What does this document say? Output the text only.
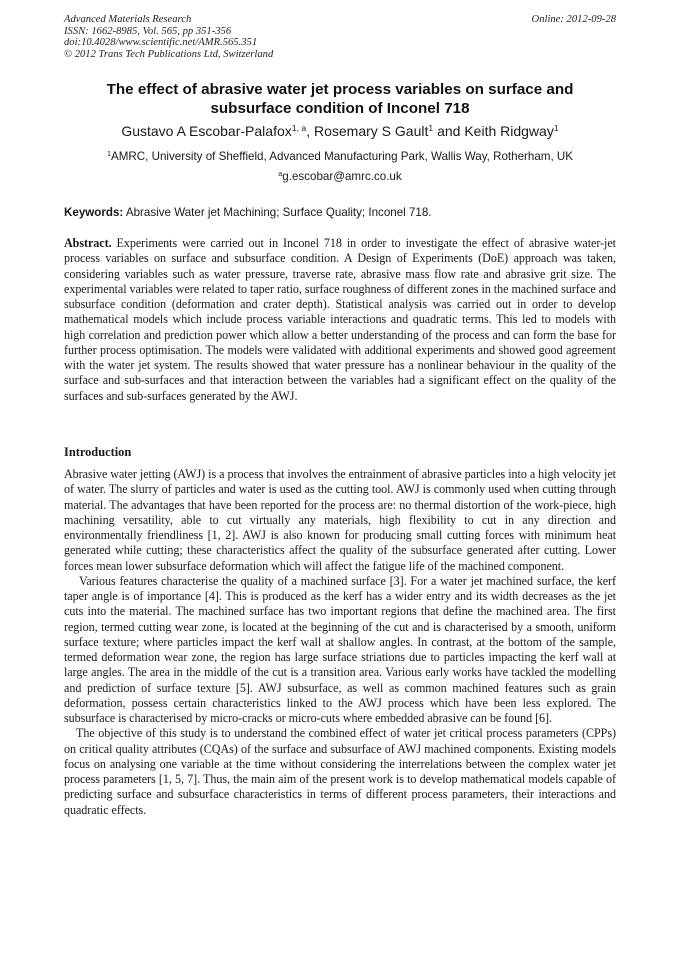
Advanced Materials Research
ISSN: 1662-8985, Vol. 565, pp 351-356
doi:10.4028/www.scientific.net/AMR.565.351
© 2012 Trans Tech Publications Ltd, Switzerland
Online: 2012-09-28
The effect of abrasive water jet process variables on surface and subsurface condition of Inconel 718
Gustavo A Escobar-Palafox$^{1, a}$, Rosemary S Gault$^1$ and Keith Ridgway$^1$
$^1$AMRC, University of Sheffield, Advanced Manufacturing Park, Wallis Way, Rotherham, UK
$^a$g.escobar@amrc.co.uk
Keywords: Abrasive Water jet Machining; Surface Quality; Inconel 718.
Abstract. Experiments were carried out in Inconel 718 in order to investigate the effect of abrasive water-jet process variables on surface and subsurface condition. A Design of Experiments (DoE) approach was taken, considering variables such as water pressure, traverse rate, abrasive mass flow rate and abrasive grit size. The experimental variables were related to taper ratio, surface roughness of different zones in the machined surface and subsurface condition (deformation and crater depth). Statistical analysis was carried out in order to develop mathematical models which include process variable interactions and quadratic terms. This led to models with high correlation and prediction power which allow a better understanding of the process and can form the base for further process optimisation. The models were validated with additional experiments and showed good agreement with the water jet system. The results showed that water pressure has a nonlinear behaviour in the quality of the surface and sub-surfaces and that interaction between the variables had a significant effect on the quality of the surfaces and sub-surfaces generated by the AWJ.
Introduction

Abrasive water jetting (AWJ) is a process that involves the entrainment of abrasive particles into a high velocity jet of water. The slurry of particles and water is used as the cutting tool. AWJ is commonly used when cutting through material. The advantages that have been reported for the process are: no thermal distortion of the work-piece, high machining versatility, able to cut virtually any materials, high flexibility to cut in any direction and environmentally friendliness [1, 2]. AWJ is also known for producing small cutting forces with minimum heat generated while cutting; these characteristics affect the quality of the subsurface generated after cutting. Lower forces mean lower subsurface deformation which will affect the fatigue life of the machined component.

Various features characterise the quality of a machined surface [3]. For a water jet machined surface, the kerf taper angle is of importance [4]. This is produced as the kerf has a wider entry and its width decreases as the jet cuts into the material. The machined surface has two important regions that define the machined area. The first region, termed cutting wear zone, is located at the beginning of the cut and is characterised by a smooth, uniform surface texture; where particles impact the kerf wall at shallow angles. In contrast, at the bottom of the sample, termed deformation wear zone, the region has large surface striations due to particles impacting the kerf wall at large angles. The area in the middle of the cut is a transition area. Various early works have tackled the modelling and prediction of surface texture [5]. AWJ subsurface, as well as common machined features such as grain deformation, possess certain characteristics linked to the AWJ process which have been less explored. The subsurface is characterised by micro-cracks or micro-cuts where embedded abrasive can be found [6].

The objective of this study is to understand the combined effect of water jet critical process parameters (CPPs) on critical quality attributes (CQAs) of the surface and subsurface of AWJ machined components. Existing models focus on analysing one variable at the time without considering the interrelations between the complex water jet process parameters [1, 5, 7]. Thus, the main aim of the present work is to develop mathematical models capable of predicting surface and subsurface characteristics in terms of different process parameters, their interactions and quadratic effects.
